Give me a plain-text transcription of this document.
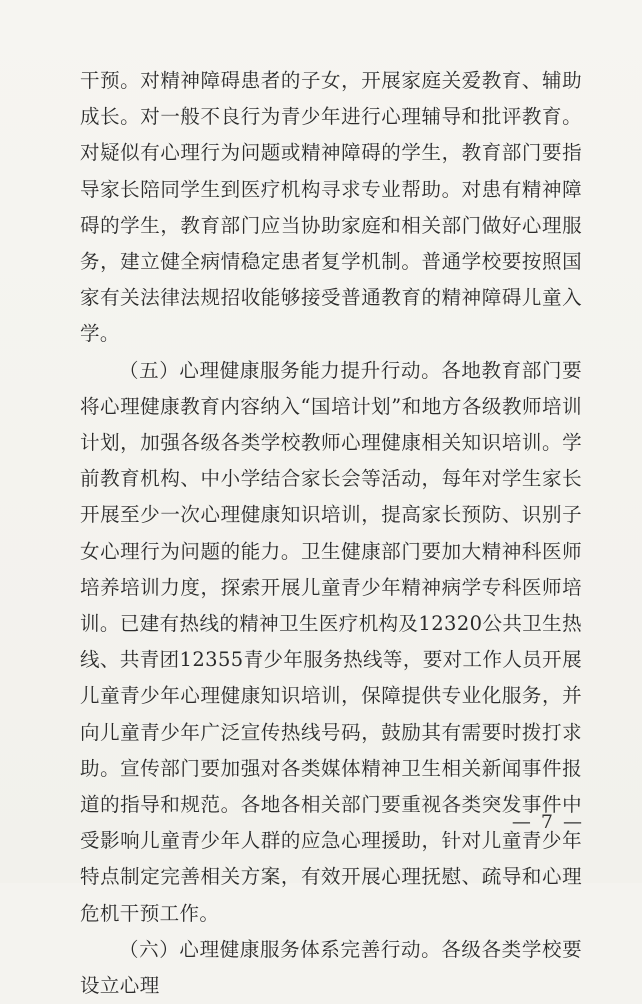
干预。对精神障碍患者的子女，开展家庭关爱教育、辅助成长。对一般不良行为青少年进行心理辅导和批评教育。对疑似有心理行为问题或精神障碍的学生，教育部门要指导家长陪同学生到医疗机构寻求专业帮助。对患有精神障碍的学生，教育部门应当协助家庭和相关部门做好心理服务，建立健全病情稳定患者复学机制。普通学校要按照国家有关法律法规招收能够接受普通教育的精神障碍儿童入学。

（五）心理健康服务能力提升行动。各地教育部门要将心理健康教育内容纳入“国培计划”和地方各级教师培训计划，加强各级各类学校教师心理健康相关知识培训。学前教育机构、中小学结合家长会等活动，每年对学生家长开展至少一次心理健康知识培训，提高家长预防、识别子女心理行为问题的能力。卫生健康部门要加大精神科医师培养培训力度，探索开展儿童青少年精神病学专科医师培训。已建有热线的精神卫生医疗机构及12320公共卫生热线、共青团12355青少年服务热线等，要对工作人员开展儿童青少年心理健康知识培训，保障提供专业化服务，并向儿童青少年广泛宣传热线号码，鼓励其有需要时拨打求助。宣传部门要加强对各类媒体精神卫生相关新闻事件报道的指导和规范。各地各相关部门要重视各类突发事件中受影响儿童青少年人群的应急心理援助，针对儿童青少年特点制定完善相关方案，有效开展心理抚慰、疏导和心理危机干预工作。

（六）心理健康服务体系完善行动。各级各类学校要设立心理

— 7 —
